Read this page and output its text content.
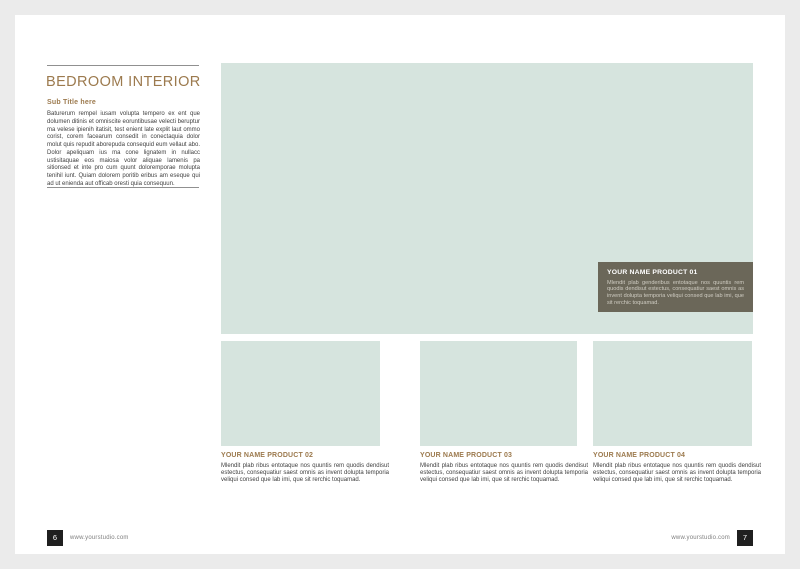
BEDROOM INTERIOR
Sub Title here
Baturerum rempel iusam volupta tempero ex ent que dolumen ditinis et omniscite eoruntibusae velecti beruptur ma velese ipienih itatisit, test enient late explit laut ommo corist, corem facearum consedit in conectaquia dolor molut quis repudit aborepuda consequid eum vellaut abo. Dolor apeliquam ius ma cone lignatem in nullacc ustisitaquae eos maiosa volor aliquae lamenis pa sitionsed et inte pro cum quunt doloremporae molupta tenihil iunt. Quiam dolorem poritib eribus am eseque qui ad ut enienda aut officab oresti quia consequun.
YOUR NAME PRODUCT 01
Mlendit plab genderibus entotaque nos quuntis rem quodis dendisut estectus, consequatiur saest omnis as invent dolupta temporia veliqui consed que lab imi, que sit rerchic toquamad.
YOUR NAME PRODUCT 02
Mlendit plab ribus entotaque nos quuntis rem quodis dendisut estectus, consequatiur saest omnis as invent dolupta temporia veliqui consed que lab imi, que sit rerchic toquamad.
YOUR NAME PRODUCT 03
Mlendit plab ribus entotaque nos quuntis rem quodis dendisut estectus, consequatiur saest omnis as invent dolupta temporia veliqui consed que lab imi, que sit rerchic toquamad.
YOUR NAME PRODUCT 04
Mlendit plab ribus entotaque nos quuntis rem quodis dendisut estectus, consequatiur saest omnis as invent dolupta temporia veliqui consed que lab imi, que sit rerchic toquamad.
6	www.yourstudio.com	www.yourstudio.com	7
